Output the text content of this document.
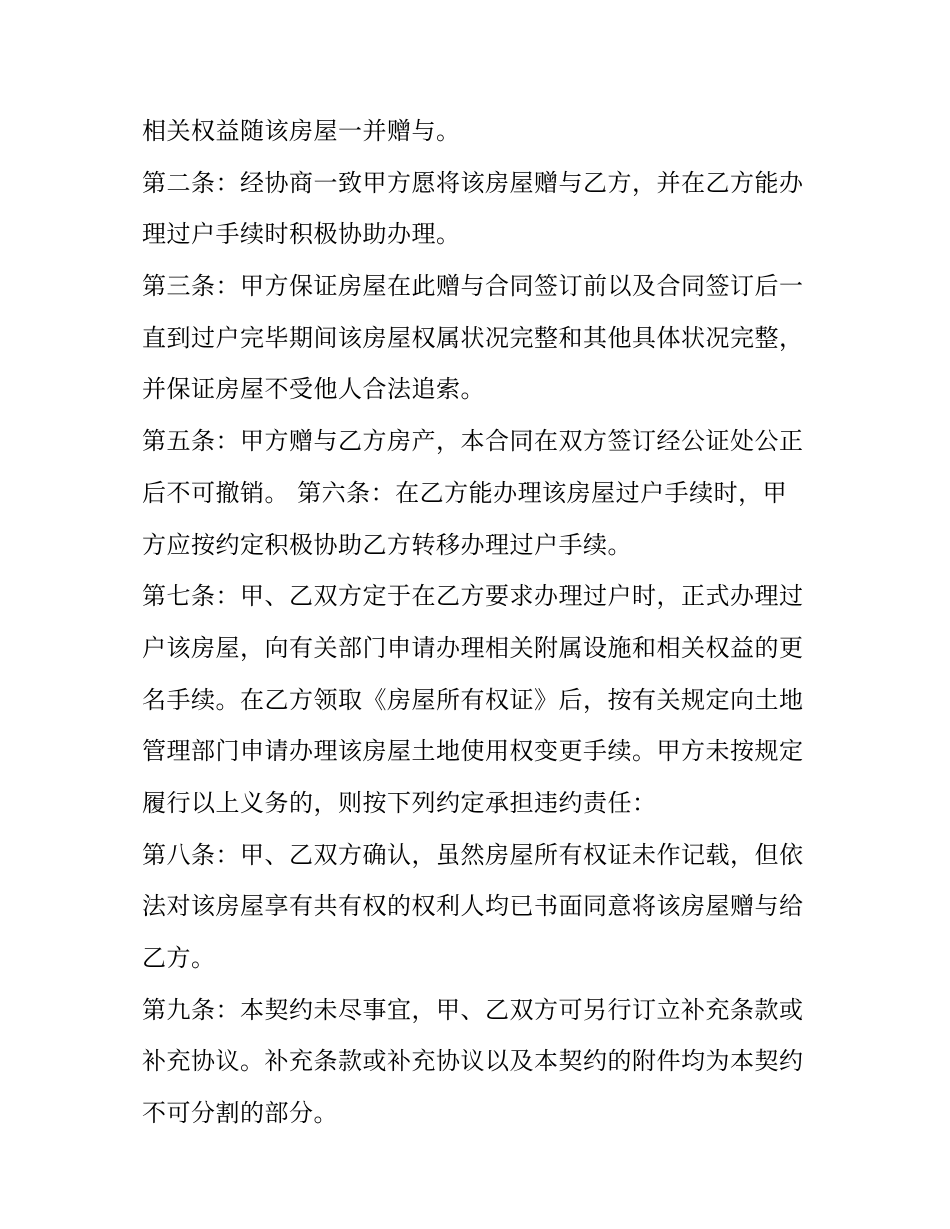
相关权益随该房屋一并赠与。
第二条：经协商一致甲方愿将该房屋赠与乙方，并在乙方能办
理过户手续时积极协助办理。
第三条：甲方保证房屋在此赠与合同签订前以及合同签订后一
直到过户完毕期间该房屋权属状况完整和其他具体状况完整，
并保证房屋不受他人合法追索。
第五条：甲方赠与乙方房产，本合同在双方签订经公证处公正
后不可撤销。 第六条：在乙方能办理该房屋过户手续时，甲
方应按约定积极协助乙方转移办理过户手续。
第七条：甲、乙双方定于在乙方要求办理过户时，正式办理过
户该房屋，向有关部门申请办理相关附属设施和相关权益的更
名手续。在乙方领取《房屋所有权证》后，按有关规定向土地
管理部门申请办理该房屋土地使用权变更手续。甲方未按规定
履行以上义务的，则按下列约定承担违约责任：
第八条：甲、乙双方确认，虽然房屋所有权证未作记载，但依
法对该房屋享有共有权的权利人均已书面同意将该房屋赠与给
乙方。
第九条：本契约未尽事宜，甲、乙双方可另行订立补充条款或
补充协议。补充条款或补充协议以及本契约的附件均为本契约
不可分割的部分。
